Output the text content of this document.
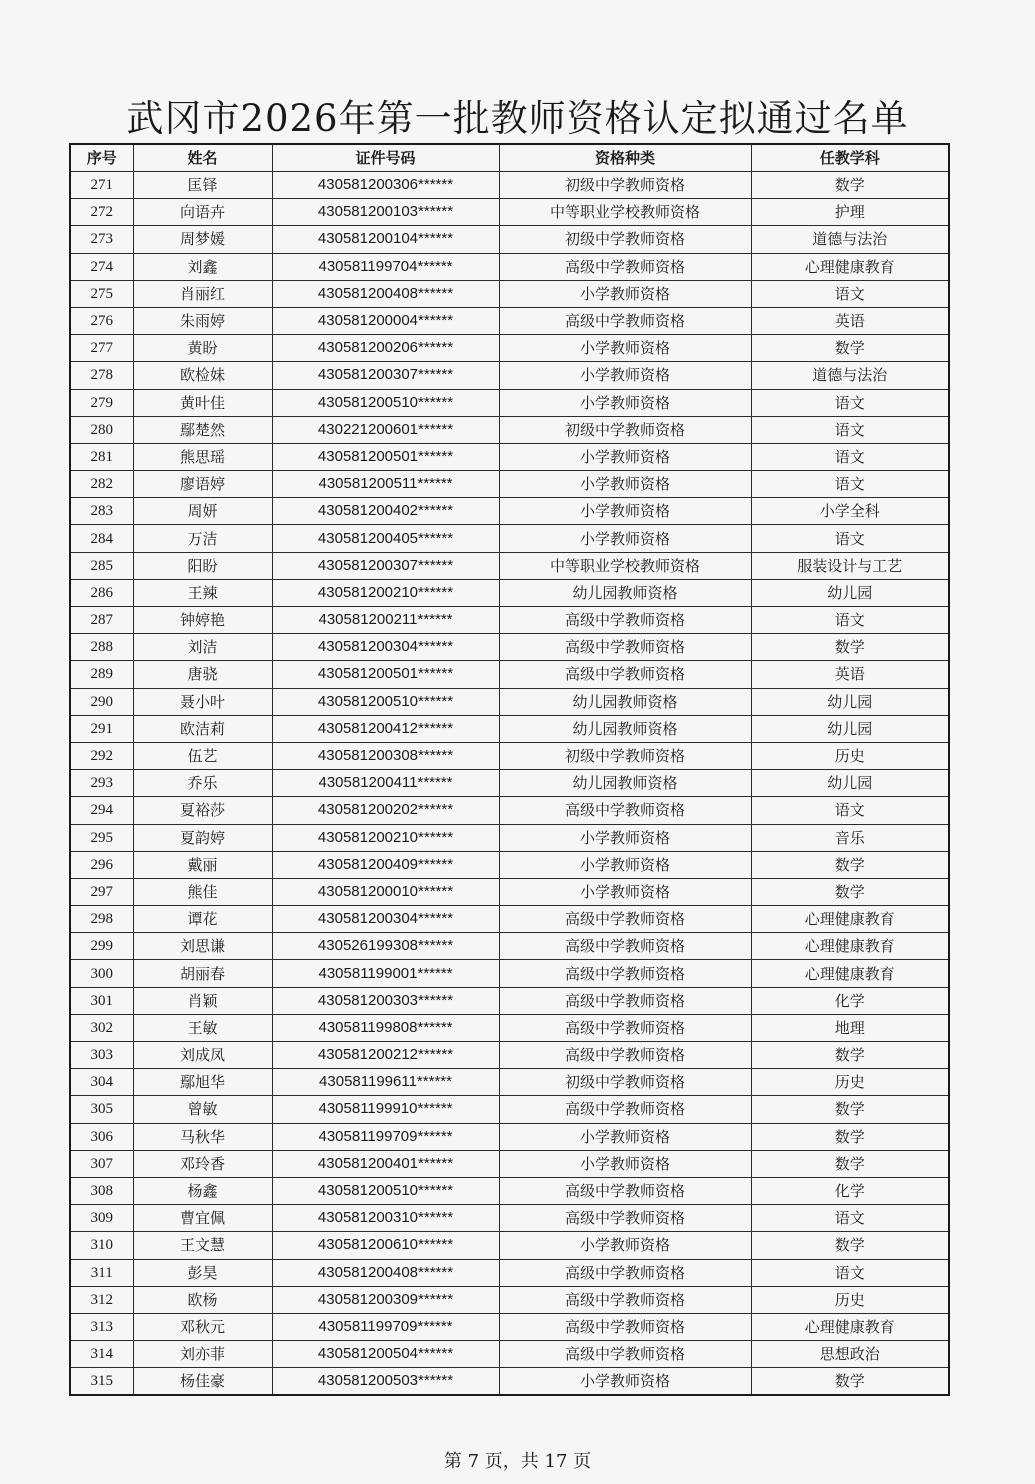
武冈市2026年第一批教师资格认定拟通过名单
序号	姓名	证件号码	资格种类	任教学科
271	匡铎	430581200306******	初级中学教师资格	数学
272	向语卉	430581200103******	中等职业学校教师资格	护理
273	周梦媛	430581200104******	初级中学教师资格	道德与法治
274	刘鑫	430581199704******	高级中学教师资格	心理健康教育
275	肖丽红	430581200408******	小学教师资格	语文
276	朱雨婷	430581200004******	高级中学教师资格	英语
277	黄盼	430581200206******	小学教师资格	数学
278	欧检妹	430581200307******	小学教师资格	道德与法治
279	黄叶佳	430581200510******	小学教师资格	语文
280	鄢楚然	430221200601******	初级中学教师资格	语文
281	熊思瑶	430581200501******	小学教师资格	语文
282	廖语婷	430581200511******	小学教师资格	语文
283	周妍	430581200402******	小学教师资格	小学全科
284	万洁	430581200405******	小学教师资格	语文
285	阳盼	430581200307******	中等职业学校教师资格	服装设计与工艺
286	王辣	430581200210******	幼儿园教师资格	幼儿园
287	钟婷艳	430581200211******	高级中学教师资格	语文
288	刘洁	430581200304******	高级中学教师资格	数学
289	唐骁	430581200501******	高级中学教师资格	英语
290	聂小叶	430581200510******	幼儿园教师资格	幼儿园
291	欧洁莉	430581200412******	幼儿园教师资格	幼儿园
292	伍艺	430581200308******	初级中学教师资格	历史
293	乔乐	430581200411******	幼儿园教师资格	幼儿园
294	夏裕莎	430581200202******	高级中学教师资格	语文
295	夏韵婷	430581200210******	小学教师资格	音乐
296	戴丽	430581200409******	小学教师资格	数学
297	熊佳	430581200010******	小学教师资格	数学
298	谭花	430581200304******	高级中学教师资格	心理健康教育
299	刘思谦	430526199308******	高级中学教师资格	心理健康教育
300	胡丽春	430581199001******	高级中学教师资格	心理健康教育
301	肖颖	430581200303******	高级中学教师资格	化学
302	王敏	430581199808******	高级中学教师资格	地理
303	刘成凤	430581200212******	高级中学教师资格	数学
304	鄢旭华	430581199611******	初级中学教师资格	历史
305	曾敏	430581199910******	高级中学教师资格	数学
306	马秋华	430581199709******	小学教师资格	数学
307	邓玲香	430581200401******	小学教师资格	数学
308	杨鑫	430581200510******	高级中学教师资格	化学
309	曹宜佩	430581200310******	高级中学教师资格	语文
310	王文慧	430581200610******	小学教师资格	数学
311	彭昊	430581200408******	高级中学教师资格	语文
312	欧杨	430581200309******	高级中学教师资格	历史
313	邓秋元	430581199709******	高级中学教师资格	心理健康教育
314	刘亦菲	430581200504******	高级中学教师资格	思想政治
315	杨佳豪	430581200503******	小学教师资格	数学
第 7 页，共 17 页
